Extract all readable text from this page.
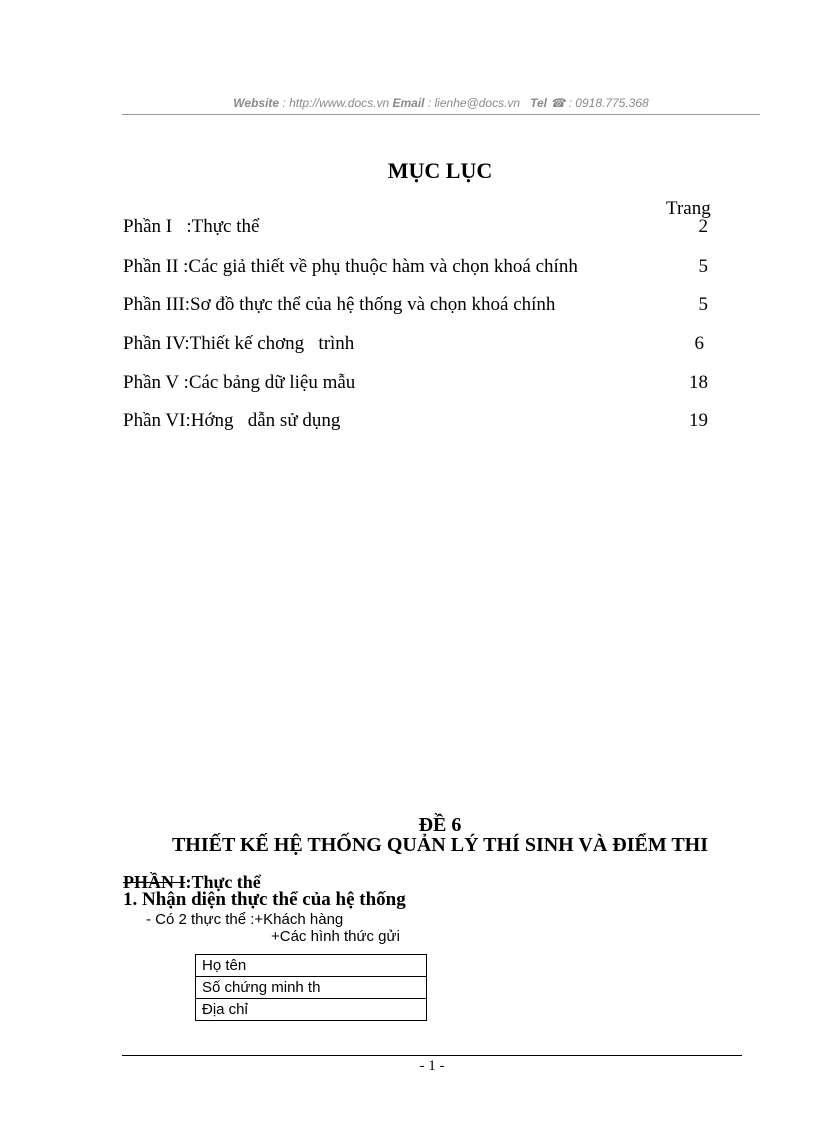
Website : http://www.docs.vn Email : lienhe@docs.vn Tel ☎ : 0918.775.368
MỤC LỤC
Trang
Phần I   :Thực thể	2
Phần II :Các giả thiết về phụ thuộc hàm và chọn khoá chính	5
Phần III:Sơ đồ thực thể của hệ thống và chọn khoá chính	5
Phần IV:Thiết kế chơng   trình	6
Phần V :Các bảng dữ liệu mẫu	18
Phần VI:Hớng   dẫn sử dụng	19
ĐỀ 6
THIẾT KẾ HỆ THỐNG QUẢN LÝ THÍ SINH VÀ ĐIỂM THI
PHẦN I:Thực thể
1. Nhận diện thực thể của hệ thống
- Có 2 thực thể :+Khách hàng
+Các hình thức gửi
Họ tên
Số chứng minh th
Địa chỉ
- 1 -
